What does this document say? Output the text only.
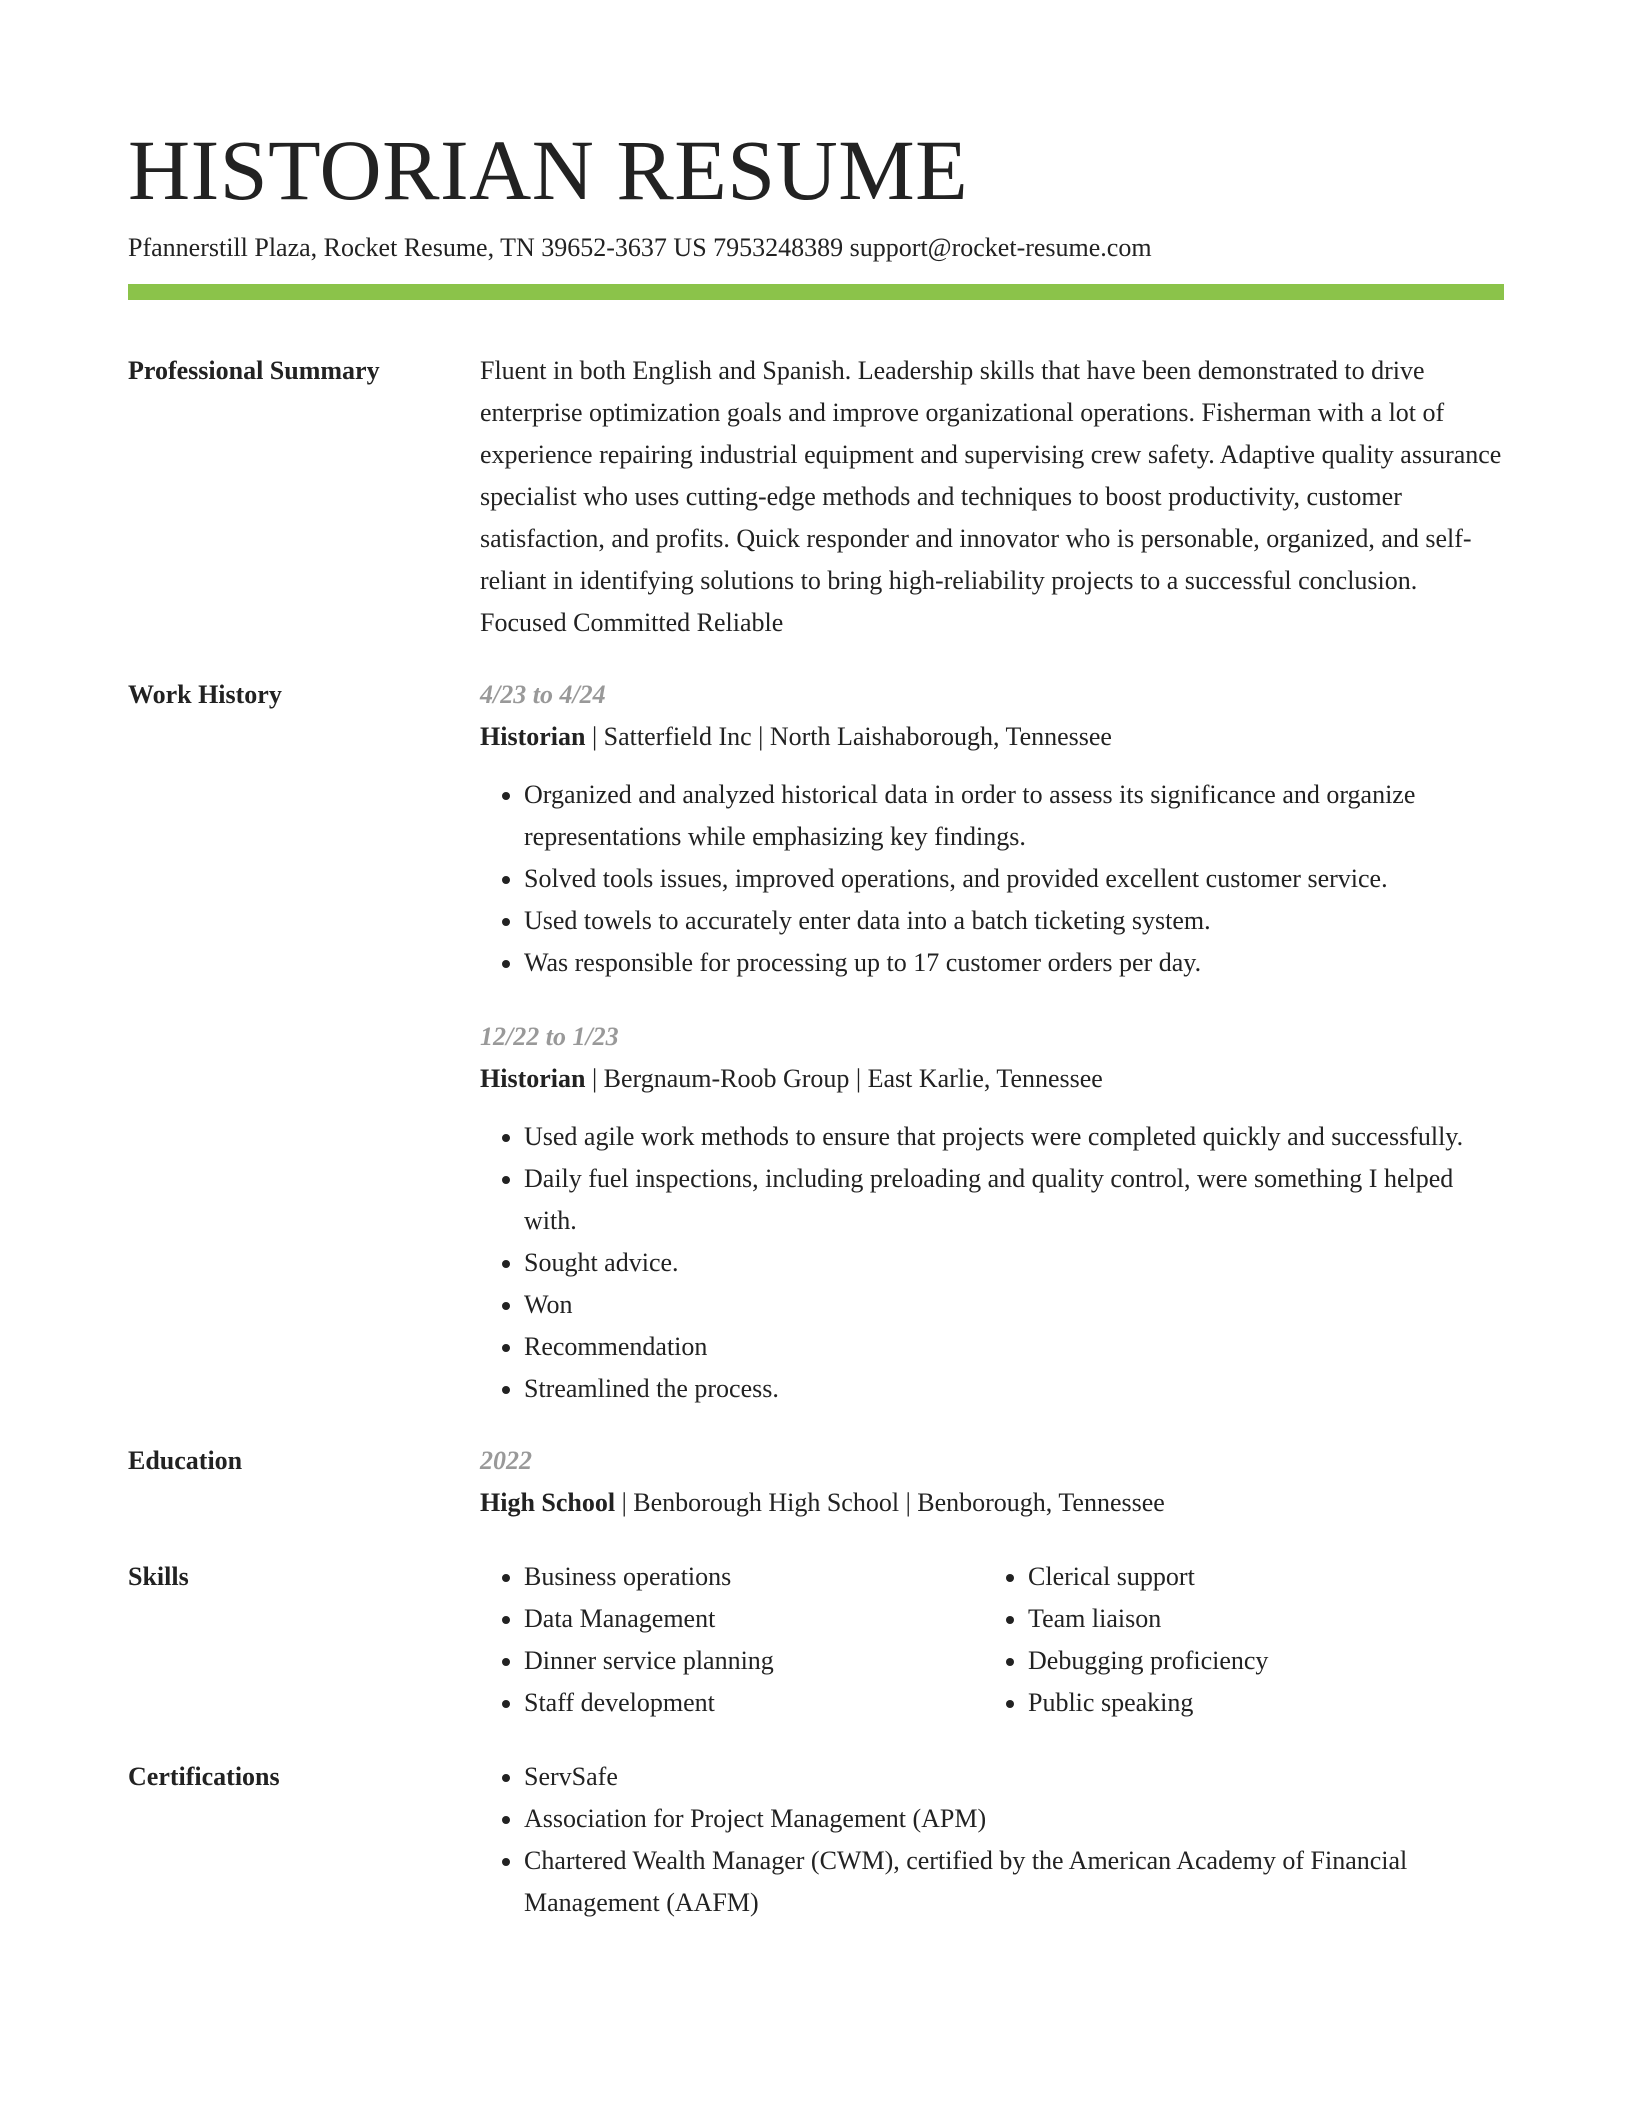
HISTORIAN RESUME
Pfannerstill Plaza, Rocket Resume, TN 39652-3637 US 7953248389 support@rocket-resume.com
Professional Summary	Fluent in both English and Spanish. Leadership skills that have been demonstrated to drive enterprise optimization goals and improve organizational operations. Fisherman with a lot of experience repairing industrial equipment and supervising crew safety. Adaptive quality assurance specialist who uses cutting-edge methods and techniques to boost productivity, customer satisfaction, and profits. Quick responder and innovator who is personable, organized, and self-reliant in identifying solutions to bring high-reliability projects to a successful conclusion. Focused Committed Reliable
Work History	4/23 to 4/24
Historian | Satterfield Inc | North Laishaborough, Tennessee
• Organized and analyzed historical data in order to assess its significance and organize representations while emphasizing key findings.
• Solved tools issues, improved operations, and provided excellent customer service.
• Used towels to accurately enter data into a batch ticketing system.
• Was responsible for processing up to 17 customer orders per day.
12/22 to 1/23
Historian | Bergnaum-Roob Group | East Karlie, Tennessee
• Used agile work methods to ensure that projects were completed quickly and successfully.
• Daily fuel inspections, including preloading and quality control, were something I helped with.
• Sought advice.
• Won
• Recommendation
• Streamlined the process.
Education	2022
High School | Benborough High School | Benborough, Tennessee
Skills	• Business operations
• Data Management
• Dinner service planning
• Staff development
• Clerical support
• Team liaison
• Debugging proficiency
• Public speaking
Certifications	• ServSafe
• Association for Project Management (APM)
• Chartered Wealth Manager (CWM), certified by the American Academy of Financial Management (AAFM)
